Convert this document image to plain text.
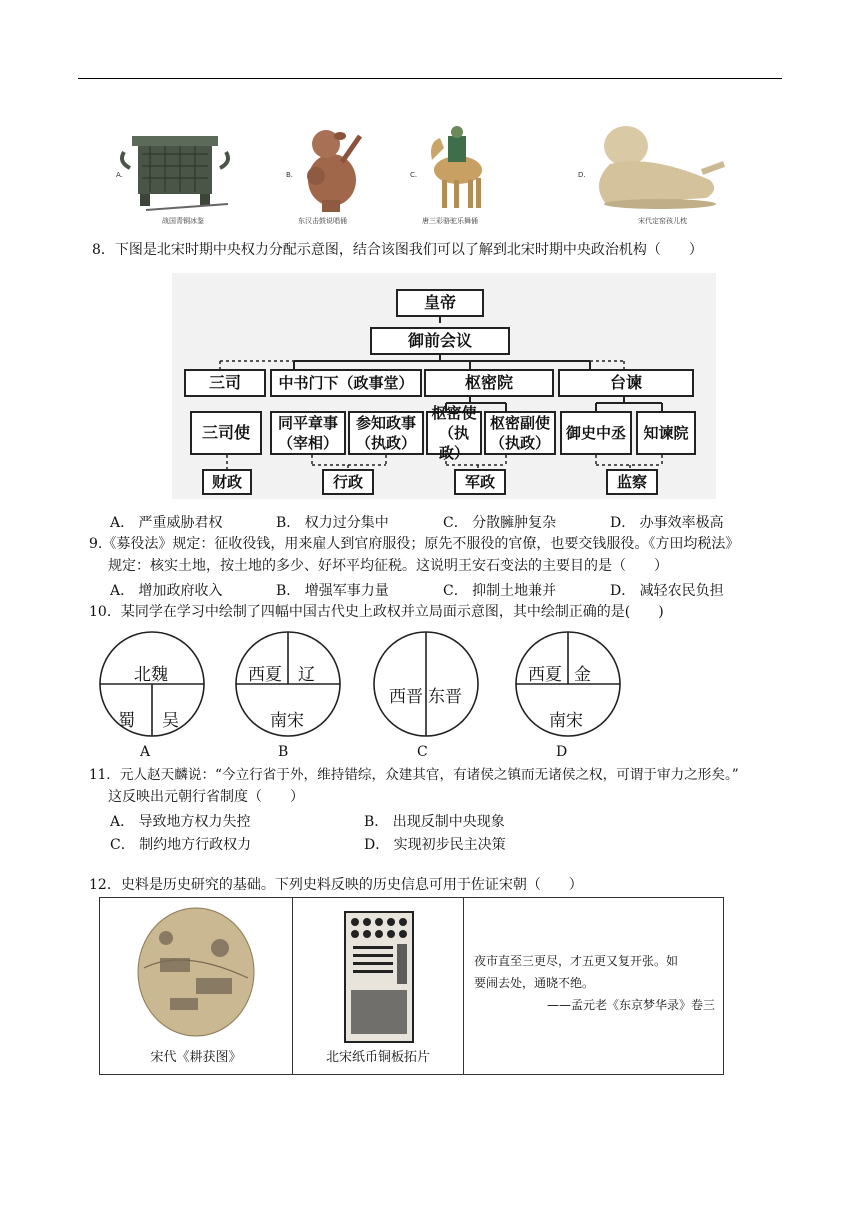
A.
战国青铜冰鉴
B.
东汉击鼓说唱俑
C.
唐三彩骆驼乐舞俑
D.
宋代定窑孩儿枕
8．下图是北宋时期中央权力分配示意图，结合该图我们可以了解到北宋时期中央政治机构（　　）
皇帝
御前会议
三司	中书门下（政事堂）	枢密院	台谏
三司使 同平章事
（宰相）
参知政事
（执政）
枢密使
（执政）
枢密副使
（执政）
御史中丞 知谏院
财政	行政	军政	监察
A． 严重威胁君权	B． 权力过分集中	C． 分散臃肿复杂	D． 办事效率极高
9.《募役法》规定：征收役钱，用来雇人到官府服役；原先不服役的官僚，也要交钱服役。《方田均税法》
规定：核实土地，按土地的多少、好坏平均征税。这说明王安石变法的主要目的是（　　）
A． 增加政府收入	B． 增强军事力量	C． 抑制土地兼并	D． 减轻农民负担
10．某同学在学习中绘制了四幅中国古代史上政权并立局面示意图，其中绘制正确的是(　　)
北魏
蜀 吴
西夏 辽
南宋
西晋 东晋
西夏 金
南宋
A	B	C	D
11．元人赵天麟说：“今立行省于外，维持错综，众建其官，有诸侯之镇而无诸侯之权，可谓于审力之形矣。”
这反映出元朝行省制度（　　）
A． 导致地方权力失控	B． 出现反制中央现象
C． 制约地方行政权力	D． 实现初步民主决策
12．史料是历史研究的基础。下列史料反映的历史信息可用于佐证宋朝（　　）
宋代《耕获图》	北宋纸币铜板拓片

夜市直至三更尽，才五更又复开张。如
要闹去处，通晓不绝。
——孟元老《东京梦华录》卷三
